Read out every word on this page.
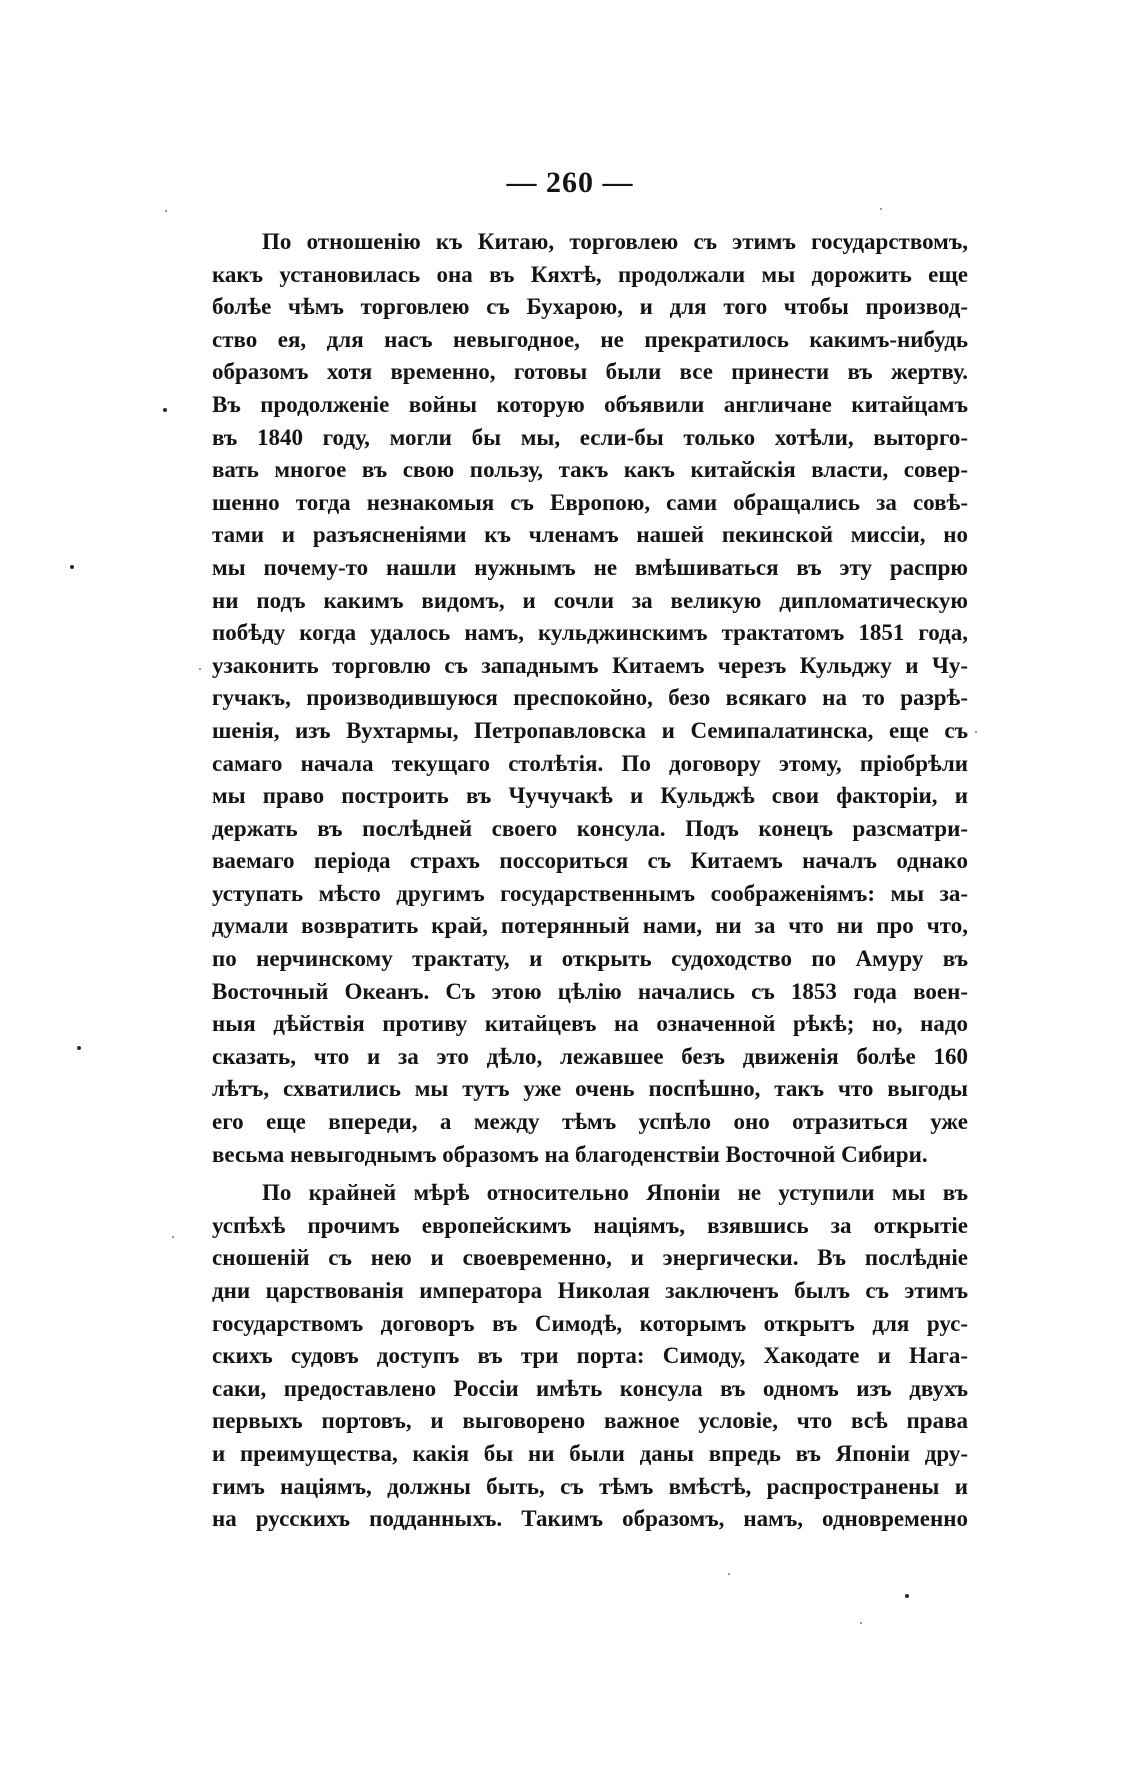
— 260 —
По отношенію къ Китаю, торговлею съ этимъ государствомъ,
какъ установилась она въ Кяхтѣ, продолжали мы дорожить еще
болѣе чѣмъ торговлею съ Бухарою, и для того чтобы производ-
ство ея, для насъ невыгодное, не прекратилось какимъ-нибудь
образомъ хотя временно, готовы были все принести въ жертву.
Въ продолженіе войны которую объявили англичане китайцамъ
въ 1840 году, могли бы мы, если-бы только хотѣли, выторго-
вать многое въ свою пользу, такъ какъ китайскія власти, совер-
шенно тогда незнакомыя съ Европою, сами обращались за совѣ-
тами и разъясненіями къ членамъ нашей пекинской миссіи, но
мы почему-то нашли нужнымъ не вмѣшиваться въ эту распрю
ни подъ какимъ видомъ, и сочли за великую дипломатическую
побѣду когда удалось намъ, кульджинскимъ трактатомъ 1851 года,
узаконить торговлю съ западнымъ Китаемъ черезъ Кульджу и Чу-
гучакъ, производившуюся преспокойно, безо всякаго на то разрѣ-
шенія, изъ Вухтармы, Петропавловска и Семипалатинска, еще съ
самаго начала текущаго столѣтія. По договору этому, пріобрѣли
мы право построить въ Чучучакѣ и Кульджѣ свои факторіи, и
держать въ послѣдней своего консула. Подъ конецъ разсматри-
ваемаго періода страхъ поссориться съ Китаемъ началъ однако
уступать мѣсто другимъ государственнымъ соображеніямъ: мы за-
думали возвратить край, потерянный нами, ни за что ни про что,
по нерчинскому трактату, и открыть судоходство по Амуру въ
Восточный Океанъ. Съ этою цѣлію начались съ 1853 года воен-
ныя дѣйствія противу китайцевъ на означенной рѣкѣ; но, надо
сказать, что и за это дѣло, лежавшее безъ движенія болѣе 160
лѣтъ, схватились мы тутъ уже очень поспѣшно, такъ что выгоды
его еще впереди, а между тѣмъ успѣло оно отразиться уже
весьма невыгоднымъ образомъ на благоденствіи Восточной Сибири.
По крайней мѣрѣ относительно Японіи не уступили мы въ
успѣхѣ прочимъ европейскимъ націямъ, взявшись за открытіе
сношеній съ нею и своевременно, и энергически. Въ послѣдніе
дни царствованія императора Николая заключенъ былъ съ этимъ
государствомъ договоръ въ Симодѣ, которымъ открытъ для рус-
скихъ судовъ доступъ въ три порта: Симоду, Хакодате и Нага-
саки, предоставлено Россіи имѣть консула въ одномъ изъ двухъ
первыхъ портовъ, и выговорено важное условіе, что всѣ права
и преимущества, какія бы ни были даны впредь въ Японіи дру-
гимъ націямъ, должны быть, съ тѣмъ вмѣстѣ, распространены и
на русскихъ подданныхъ. Такимъ образомъ, намъ, одновременно
